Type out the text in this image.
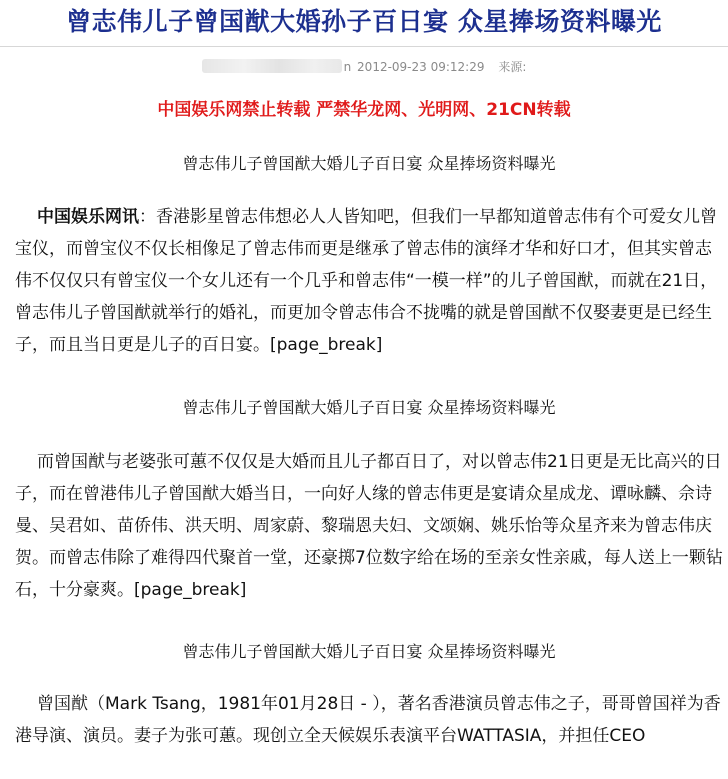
曾志伟儿子曾国猷大婚孙子百日宴 众星捧场资料曝光
n 2012-09-23 09:12:29 来源:
中国娱乐网禁止转载 严禁华龙网、光明网、21CN转载
曾志伟儿子曾国猷大婚儿子百日宴 众星捧场资料曝光

中国娱乐网讯：香港影星曾志伟想必人人皆知吧，但我们一早都知道曾志伟有个可爱女儿曾宝仪，而曾宝仪不仅长相像足了曾志伟而更是继承了曾志伟的演绎才华和好口才，但其实曾志伟不仅仅只有曾宝仪一个女儿还有一个几乎和曾志伟“一模一样”的儿子曾国猷，而就在21日，曾志伟儿子曾国猷就举行的婚礼，而更加令曾志伟合不拢嘴的就是曾国猷不仅娶妻更是已经生子，而且当日更是儿子的百日宴。[page_break]

曾志伟儿子曾国猷大婚儿子百日宴 众星捧场资料曝光

而曾国猷与老婆张可蕙不仅仅是大婚而且儿子都百日了，对以曾志伟21日更是无比高兴的日子，而在曾港伟儿子曾国猷大婚当日，一向好人缘的曾志伟更是宴请众星成龙、谭咏麟、佘诗曼、吴君如、苗侨伟、洪天明、周家蔚、黎瑞恩夫妇、文颂娴、姚乐怡等众星齐来为曾志伟庆贺。而曾志伟除了难得四代聚首一堂，还豪掷7位数字给在场的至亲女性亲戚，每人送上一颗钻石，十分豪爽。[page_break]

曾志伟儿子曾国猷大婚儿子百日宴 众星捧场资料曝光

曾国猷（Mark Tsang，1981年01月28日 - ），著名香港演员曾志伟之子，哥哥曾国祥为香港导演、演员。妻子为张可蕙。现创立全天候娱乐表演平台WATTASIA，并担任CEO
